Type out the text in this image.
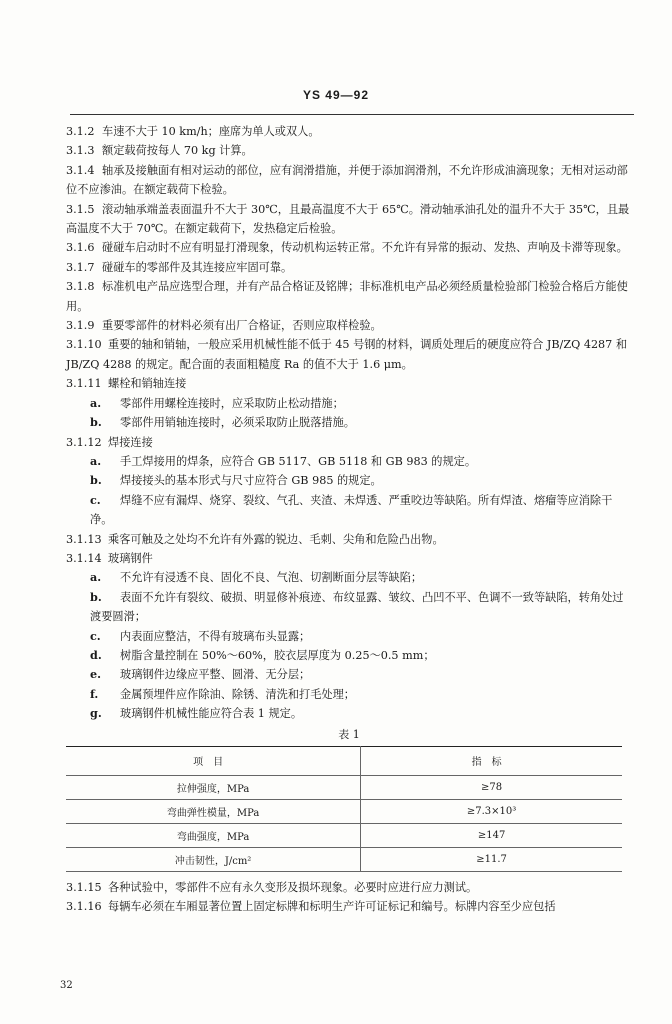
YS 49—92

3.1.2 车速不大于 10 km/h；座席为单人或双人。

3.1.3 额定载荷按每人 70 kg 计算。

3.1.4 轴承及接触面有相对运动的部位，应有润滑措施，并便于添加润滑剂，不允许形成油滴现象；无相对运动部位不应渗油。在额定载荷下检验。

3.1.5 滚动轴承端盖表面温升不大于 30℃，且最高温度不大于 65℃。滑动轴承油孔处的温升不大于 35℃，且最高温度不大于 70℃。在额定载荷下，发热稳定后检验。

3.1.6 碰碰车启动时不应有明显打滑现象，传动机构运转正常。不允许有异常的振动、发热、声响及卡滞等现象。

3.1.7 碰碰车的零部件及其连接应牢固可靠。

3.1.8 标准机电产品应选型合理，并有产品合格证及铭牌；非标准机电产品必须经质量检验部门检验合格后方能使用。

3.1.9 重要零部件的材料必须有出厂合格证，否则应取样检验。

3.1.10 重要的轴和销轴，一般应采用机械性能不低于 45 号钢的材料，调质处理后的硬度应符合 JB/ZQ 4287 和 JB/ZQ 4288 的规定。配合面的表面粗糙度 Ra 的值不大于 1.6 μm。

3.1.11 螺栓和销轴连接

a. 零部件用螺栓连接时，应采取防止松动措施；

b. 零部件用销轴连接时，必须采取防止脱落措施。

3.1.12 焊接连接

a. 手工焊接用的焊条，应符合 GB 5117、GB 5118 和 GB 983 的规定。

b. 焊接接头的基本形式与尺寸应符合 GB 985 的规定。

c. 焊缝不应有漏焊、烧穿、裂纹、气孔、夹渣、未焊透、严重咬边等缺陷。所有焊渣、熔瘤等应消除干净。

3.1.13 乘客可触及之处均不允许有外露的锐边、毛刺、尖角和危险凸出物。

3.1.14 玻璃钢件

a. 不允许有浸透不良、固化不良、气泡、切割断面分层等缺陷；

b. 表面不允许有裂纹、破损、明显修补痕迹、布纹显露、皱纹、凸凹不平、色调不一致等缺陷，转角处过渡要圆滑；

c. 内表面应整洁，不得有玻璃布头显露；

d. 树脂含量控制在 50%～60%，胶衣层厚度为 0.25～0.5 mm；

e. 玻璃钢件边缘应平整、圆滑、无分层；

f. 金属预埋件应作除油、除锈、清洗和打毛处理；

g. 玻璃钢件机械性能应符合表 1 规定。

表 1
项目	指标
拉伸强度，MPa	≥78
弯曲弹性模量，MPa	≥7.3×10³
弯曲强度，MPa	≥147
冲击韧性，J/cm²	≥11.7

3.1.15 各种试验中，零部件不应有永久变形及损坏现象。必要时应进行应力测试。

3.1.16 每辆车必须在车厢显著位置上固定标牌和标明生产许可证标记和编号。标牌内容至少应包括

32
